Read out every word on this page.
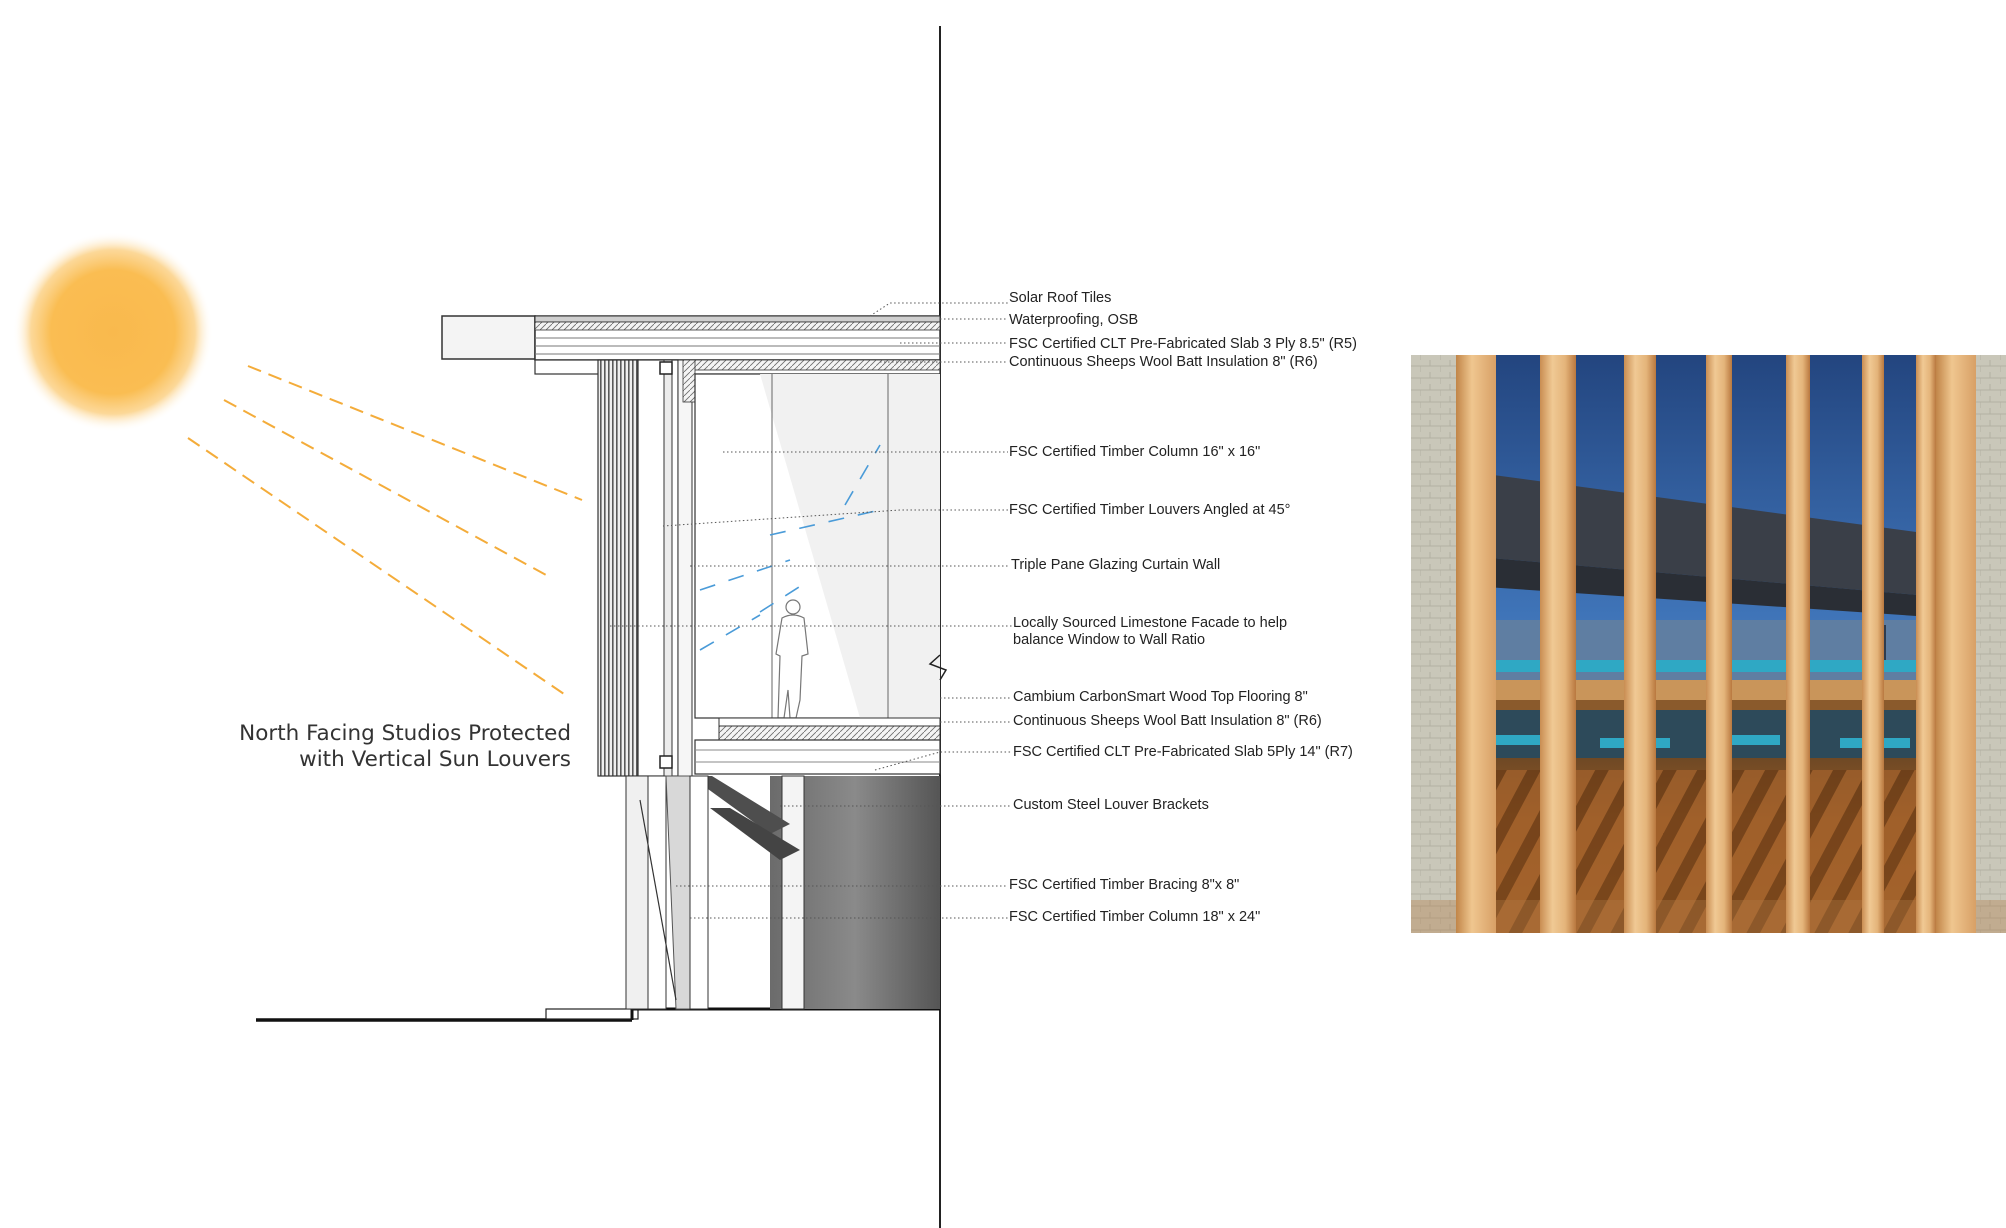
North Facing Studios Protected
with Vertical Sun Louvers
Solar Roof Tiles
Waterproofing, OSB
FSC Certified CLT Pre-Fabricated Slab 3 Ply 8.5" (R5)
Continuous Sheeps Wool Batt Insulation 8" (R6)
FSC Certified Timber Column 16" x 16"
FSC Certified Timber Louvers Angled at 45°
Triple Pane Glazing Curtain Wall
Locally Sourced Limestone Facade to help
balance Window to Wall Ratio
Cambium CarbonSmart Wood Top Flooring 8"
Continuous Sheeps Wool Batt Insulation 8" (R6)
FSC Certified CLT Pre-Fabricated Slab 5Ply 14" (R7)
Custom Steel Louver Brackets
FSC Certified Timber Bracing 8"x 8"
FSC Certified Timber Column 18" x 24"
